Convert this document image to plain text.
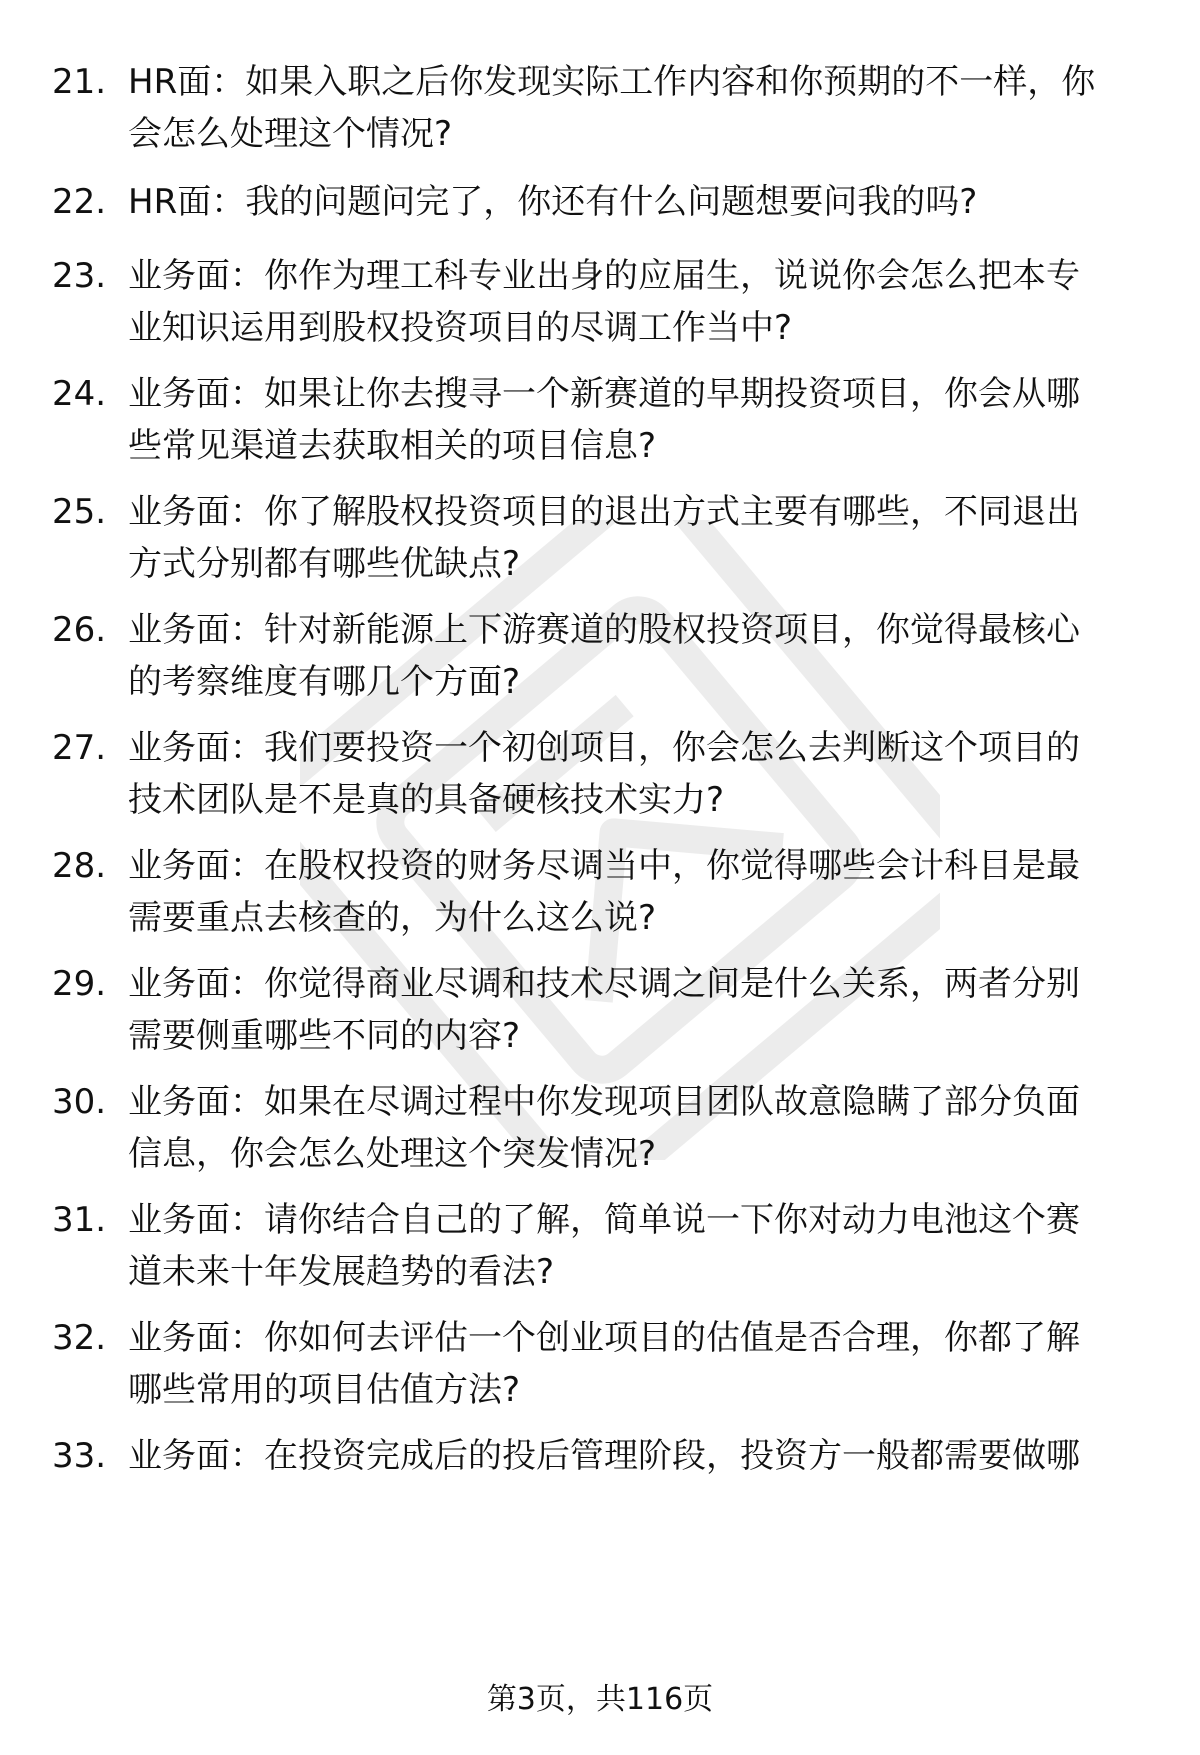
21. HR面：如果入职之后你发现实际工作内容和你预期的不一样，你
会怎么处理这个情况?

22. HR面：我的问题问完了，你还有什么问题想要问我的吗?

23. 业务面：你作为理工科专业出身的应届生，说说你会怎么把本专
业知识运用到股权投资项目的尽调工作当中?

24. 业务面：如果让你去搜寻一个新赛道的早期投资项目，你会从哪
些常见渠道去获取相关的项目信息?

25. 业务面：你了解股权投资项目的退出方式主要有哪些，不同退出
方式分别都有哪些优缺点?

26. 业务面：针对新能源上下游赛道的股权投资项目，你觉得最核心
的考察维度有哪几个方面?

27. 业务面：我们要投资一个初创项目，你会怎么去判断这个项目的
技术团队是不是真的具备硬核技术实力?

28. 业务面：在股权投资的财务尽调当中，你觉得哪些会计科目是最
需要重点去核查的，为什么这么说?

29. 业务面：你觉得商业尽调和技术尽调之间是什么关系，两者分别
需要侧重哪些不同的内容?

30. 业务面：如果在尽调过程中你发现项目团队故意隐瞒了部分负面
信息，你会怎么处理这个突发情况?

31. 业务面：请你结合自己的了解，简单说一下你对动力电池这个赛
道未来十年发展趋势的看法?

32. 业务面：你如何去评估一个创业项目的估值是否合理，你都了解
哪些常用的项目估值方法?

33. 业务面：在投资完成后的投后管理阶段，投资方一般都需要做哪

第3页，共116页
